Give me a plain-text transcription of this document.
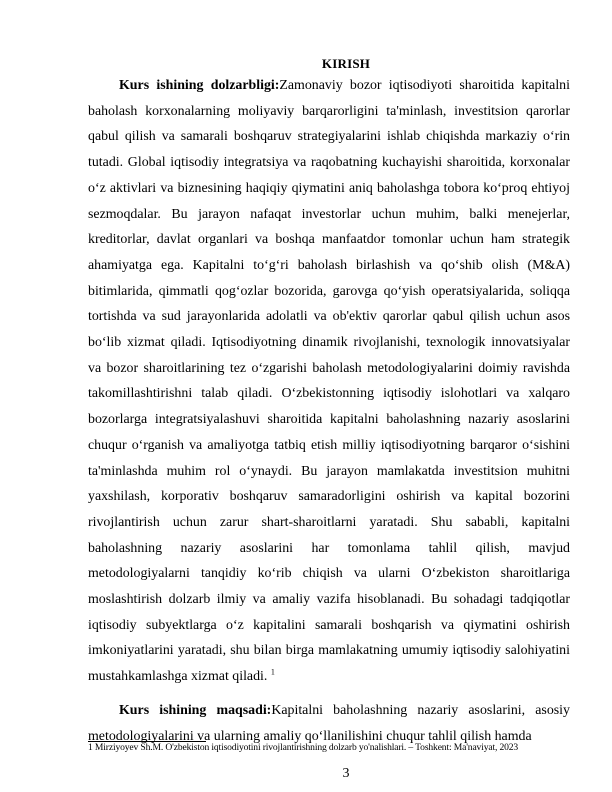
KIRISH

Kurs ishining dolzarbligi:Zamonaviy bozor iqtisodiyoti sharoitida kapitalni baholash korxonalarning moliyaviy barqarorligini ta'minlash, investitsion qarorlar qabul qilish va samarali boshqaruv strategiyalarini ishlab chiqishda markaziy o‘rin tutadi. Global iqtisodiy integratsiya va raqobatning kuchayishi sharoitida, korxonalar o‘z aktivlari va biznesining haqiqiy qiymatini aniq baholashga tobora ko‘proq ehtiyoj sezmoqdalar. Bu jarayon nafaqat investorlar uchun muhim, balki menejerlar, kreditorlar, davlat organlari va boshqa manfaatdor tomonlar uchun ham strategik ahamiyatga ega. Kapitalni to‘g‘ri baholash birlashish va qo‘shib olish (M&A) bitimlarida, qimmatli qog‘ozlar bozorida, garovga qo‘yish operatsiyalarida, soliqqa tortishda va sud jarayonlarida adolatli va ob'ektiv qarorlar qabul qilish uchun asos bo‘lib xizmat qiladi. Iqtisodiyotning dinamik rivojlanishi, texnologik innovatsiyalar va bozor sharoitlarining tez o‘zgarishi baholash metodologiyalarini doimiy ravishda takomillashtirishni talab qiladi. O‘zbekistonning iqtisodiy islohotlari va xalqaro bozorlarga integratsiyalashuvi sharoitida kapitalni baholashning nazariy asoslarini chuqur o‘rganish va amaliyotga tatbiq etish milliy iqtisodiyotning barqaror o‘sishini ta'minlashda muhim rol o‘ynaydi. Bu jarayon mamlakatda investitsion muhitni yaxshilash, korporativ boshqaruv samaradorligini oshirish va kapital bozorini rivojlantirish uchun zarur shart-sharoitlarni yaratadi. Shu sababli, kapitalni baholashning nazariy asoslarini har tomonlama tahlil qilish, mavjud metodologiyalarni tanqidiy ko‘rib chiqish va ularni O‘zbekiston sharoitlariga moslashtirish dolzarb ilmiy va amaliy vazifa hisoblanadi. Bu sohadagi tadqiqotlar iqtisodiy subyektlarga o‘z kapitalini samarali boshqarish va qiymatini oshirish imkoniyatlarini yaratadi, shu bilan birga mamlakatning umumiy iqtisodiy salohiyatini mustahkamlashga xizmat qiladi. $^1$

Kurs ishining maqsadi:Kapitalni baholashning nazariy asoslarini, asosiy metodologiyalarini va ularning amaliy qo‘llanilishini chuqur tahlil qilish hamda

1 Mirziyoyev Sh.M. O'zbekiston iqtisodiyotini rivojlantirishning dolzarb yo'nalishlari. – Toshkent: Ma'naviyat, 2023
3
